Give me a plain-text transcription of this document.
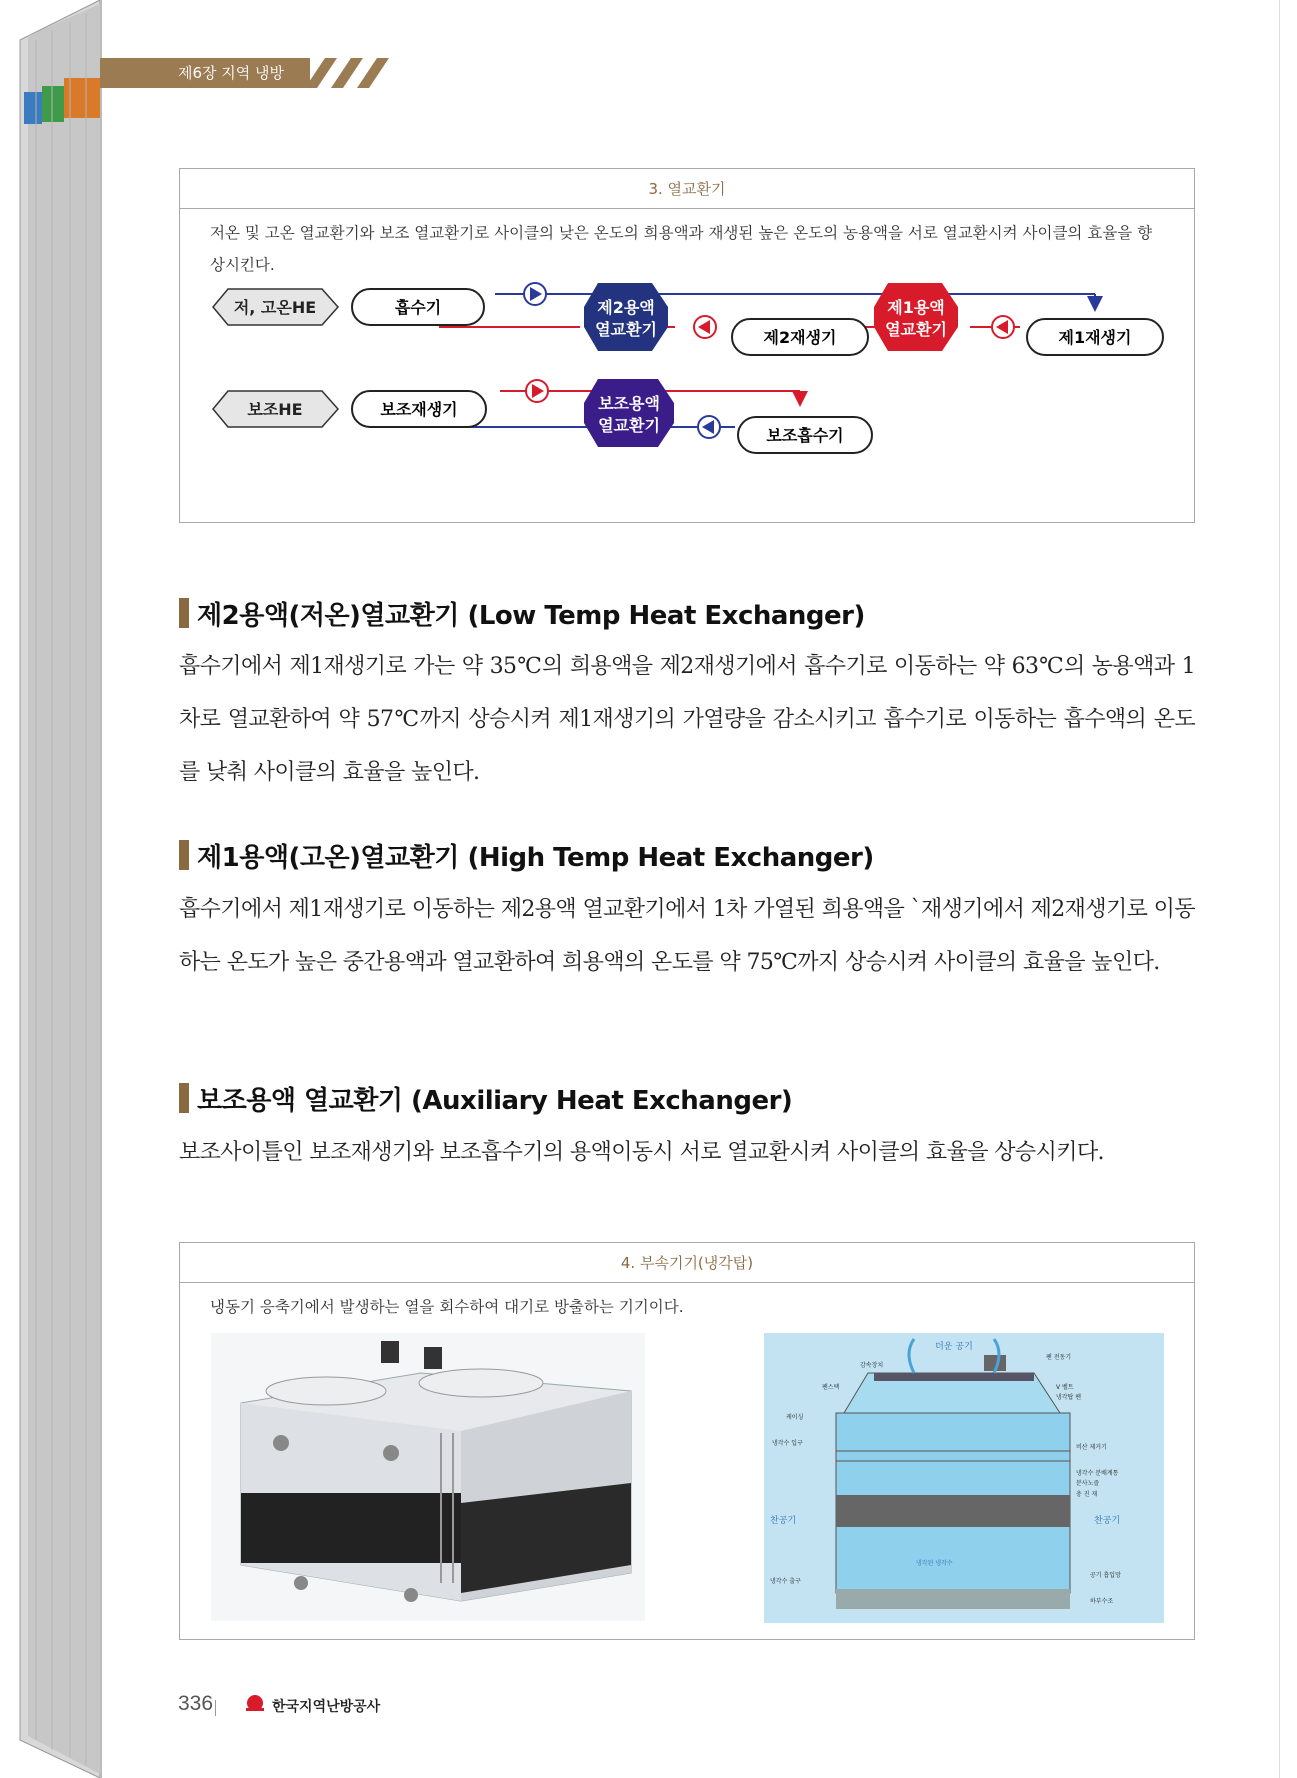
제6장 지역 냉방
3. 열교환기
저온 및 고온 열교환기와 보조 열교환기로 사이클의 낮은 온도의 희용액과 재생된 높은 온도의 농용액을 서로 열교환시켜 사이클의 효율을 향상시킨다.
저, 고온HE
보조HE
흡수기
제2재생기	제1재생기
보조재생기
보조흡수기
제2용액
열교환기
제1용액
열교환기
보조용액
열교환기
제2용액(저온)열교환기 (Low Temp Heat Exchanger)
흡수기에서 제1재생기로 가는 약 35℃의 희용액을 제2재생기에서 흡수기로 이동하는 약 63℃의 농용액과 1차로 열교환하여 약 57℃까지 상승시켜 제1재생기의 가열량을 감소시키고 흡수기로 이동하는 흡수액의 온도를 낮춰 사이클의 효율을 높인다.
제1용액(고온)열교환기 (High Temp Heat Exchanger)
흡수기에서 제1재생기로 이동하는 제2용액 열교환기에서 1차 가열된 희용액을 `재생기에서 제2재생기로 이동하는 온도가 높은 중간용액과 열교환하여 희용액의 온도를 약 75℃까지 상승시켜 사이클의 효율을 높인다.
보조용액 열교환기 (Auxiliary Heat Exchanger)
보조사이틀인 보조재생기와 보조흡수기의 용액이동시 서로 열교환시켜 사이클의 효율을 상승시키다.
4. 부속기기(냉각탑)
냉동기 응축기에서 발생하는 열을 회수하여 대기로 방출하는 기기이다.
더운 공기
팬 전동기
감속장치
팬스택	V 벨트
냉각탑 팬
케이싱
냉각수 입구
비산 제거기
냉각수 분배계통
분사노즐
충 진 재
찬공기	찬공기
냉각된 냉각수
냉각수 출구
공기 흡입망
하부수조
336	한국지역난방공사
